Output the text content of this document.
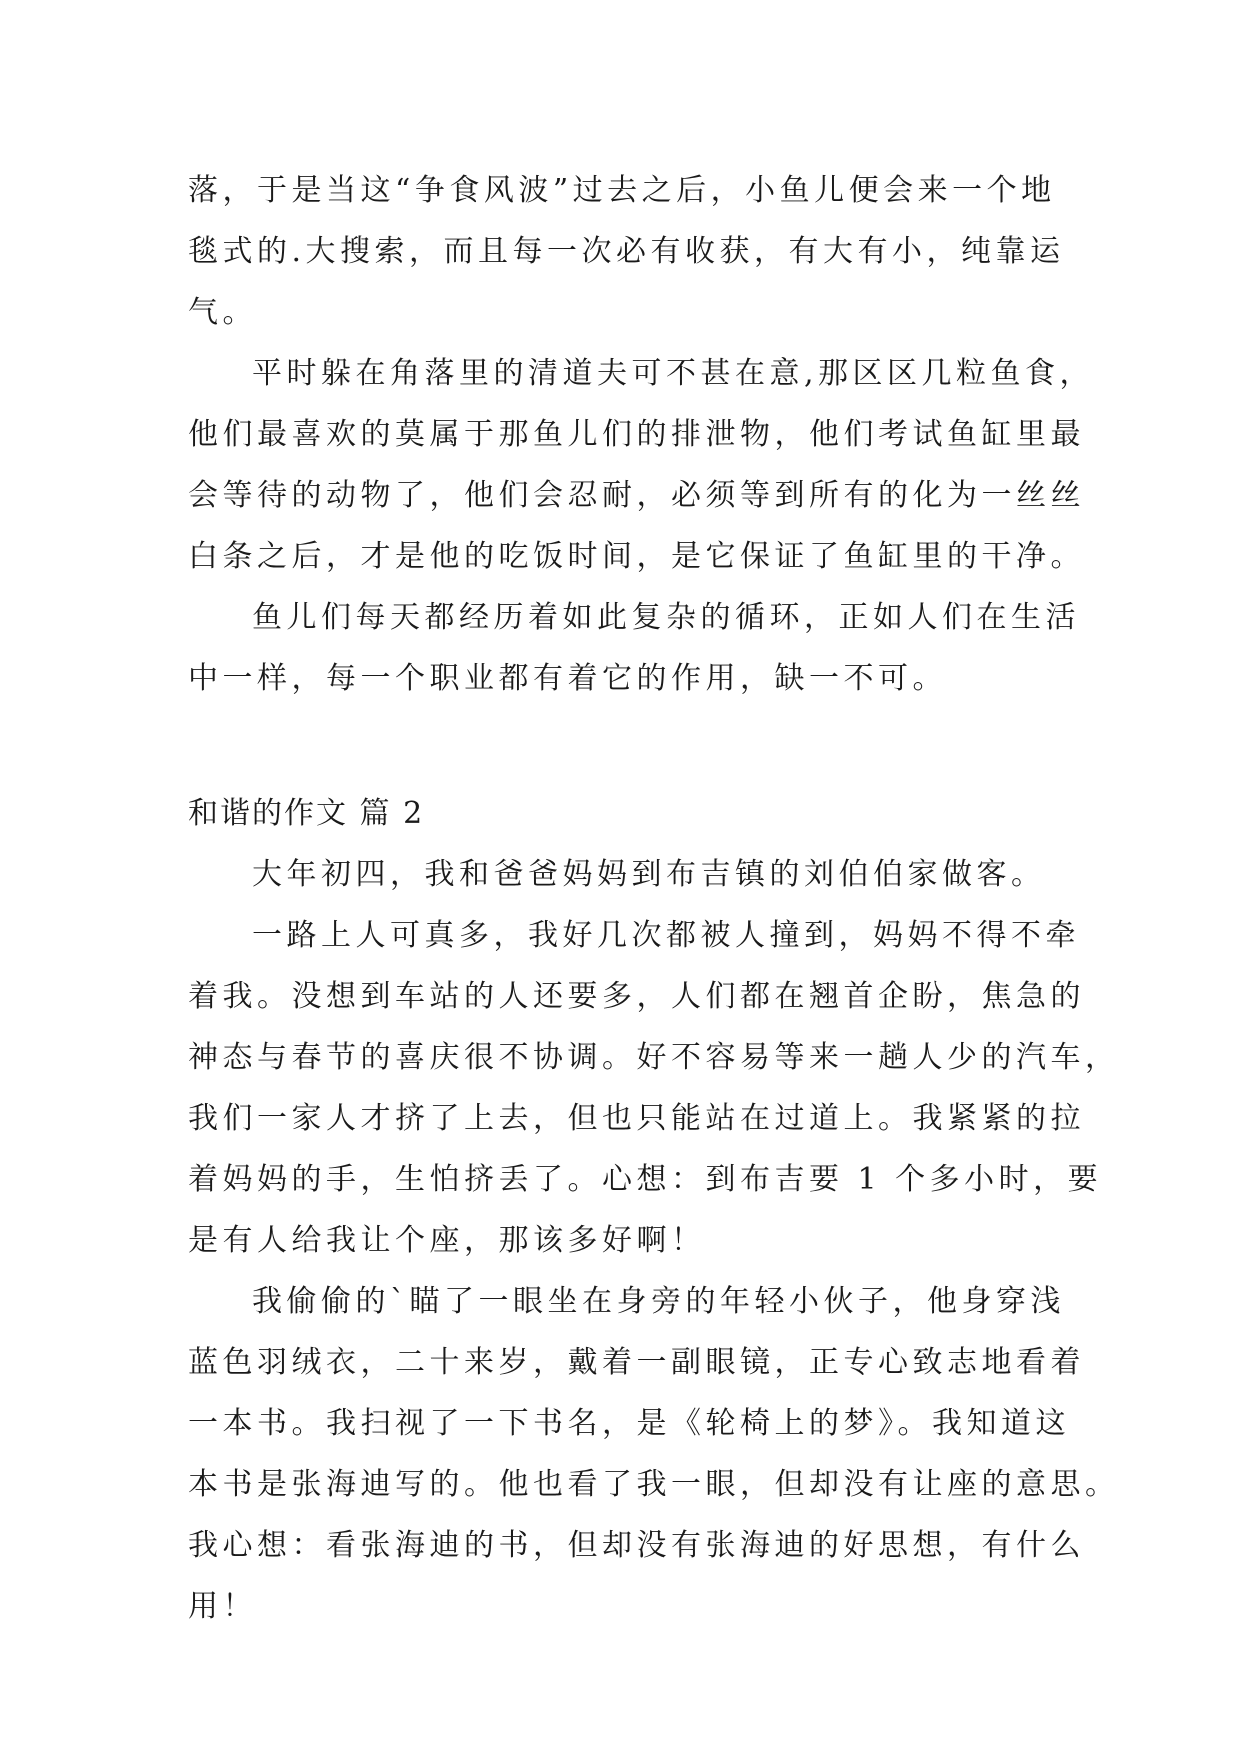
落，于是当这“争食风波”过去之后，小鱼儿便会来一个地
毯式的.大搜索，而且每一次必有收获，有大有小，纯靠运
气。
平时躲在角落里的清道夫可不甚在意,那区区几粒鱼食，
他们最喜欢的莫属于那鱼儿们的排泄物，他们考试鱼缸里最
会等待的动物了，他们会忍耐，必须等到所有的化为一丝丝
白条之后，才是他的吃饭时间，是它保证了鱼缸里的干净。
鱼儿们每天都经历着如此复杂的循环，正如人们在生活
中一样，每一个职业都有着它的作用，缺一不可。
和谐的作文 篇 2
大年初四，我和爸爸妈妈到布吉镇的刘伯伯家做客。
一路上人可真多，我好几次都被人撞到，妈妈不得不牵
着我。没想到车站的人还要多，人们都在翘首企盼，焦急的
神态与春节的喜庆很不协调。好不容易等来一趟人少的汽车，
我们一家人才挤了上去，但也只能站在过道上。我紧紧的拉
着妈妈的手，生怕挤丢了。心想：到布吉要 1 个多小时，要
是有人给我让个座，那该多好啊！
我偷偷的`瞄了一眼坐在身旁的年轻小伙子，他身穿浅
蓝色羽绒衣，二十来岁，戴着一副眼镜，正专心致志地看着
一本书。我扫视了一下书名，是《轮椅上的梦》。我知道这
本书是张海迪写的。他也看了我一眼，但却没有让座的意思。
我心想：看张海迪的书，但却没有张海迪的好思想，有什么
用！
